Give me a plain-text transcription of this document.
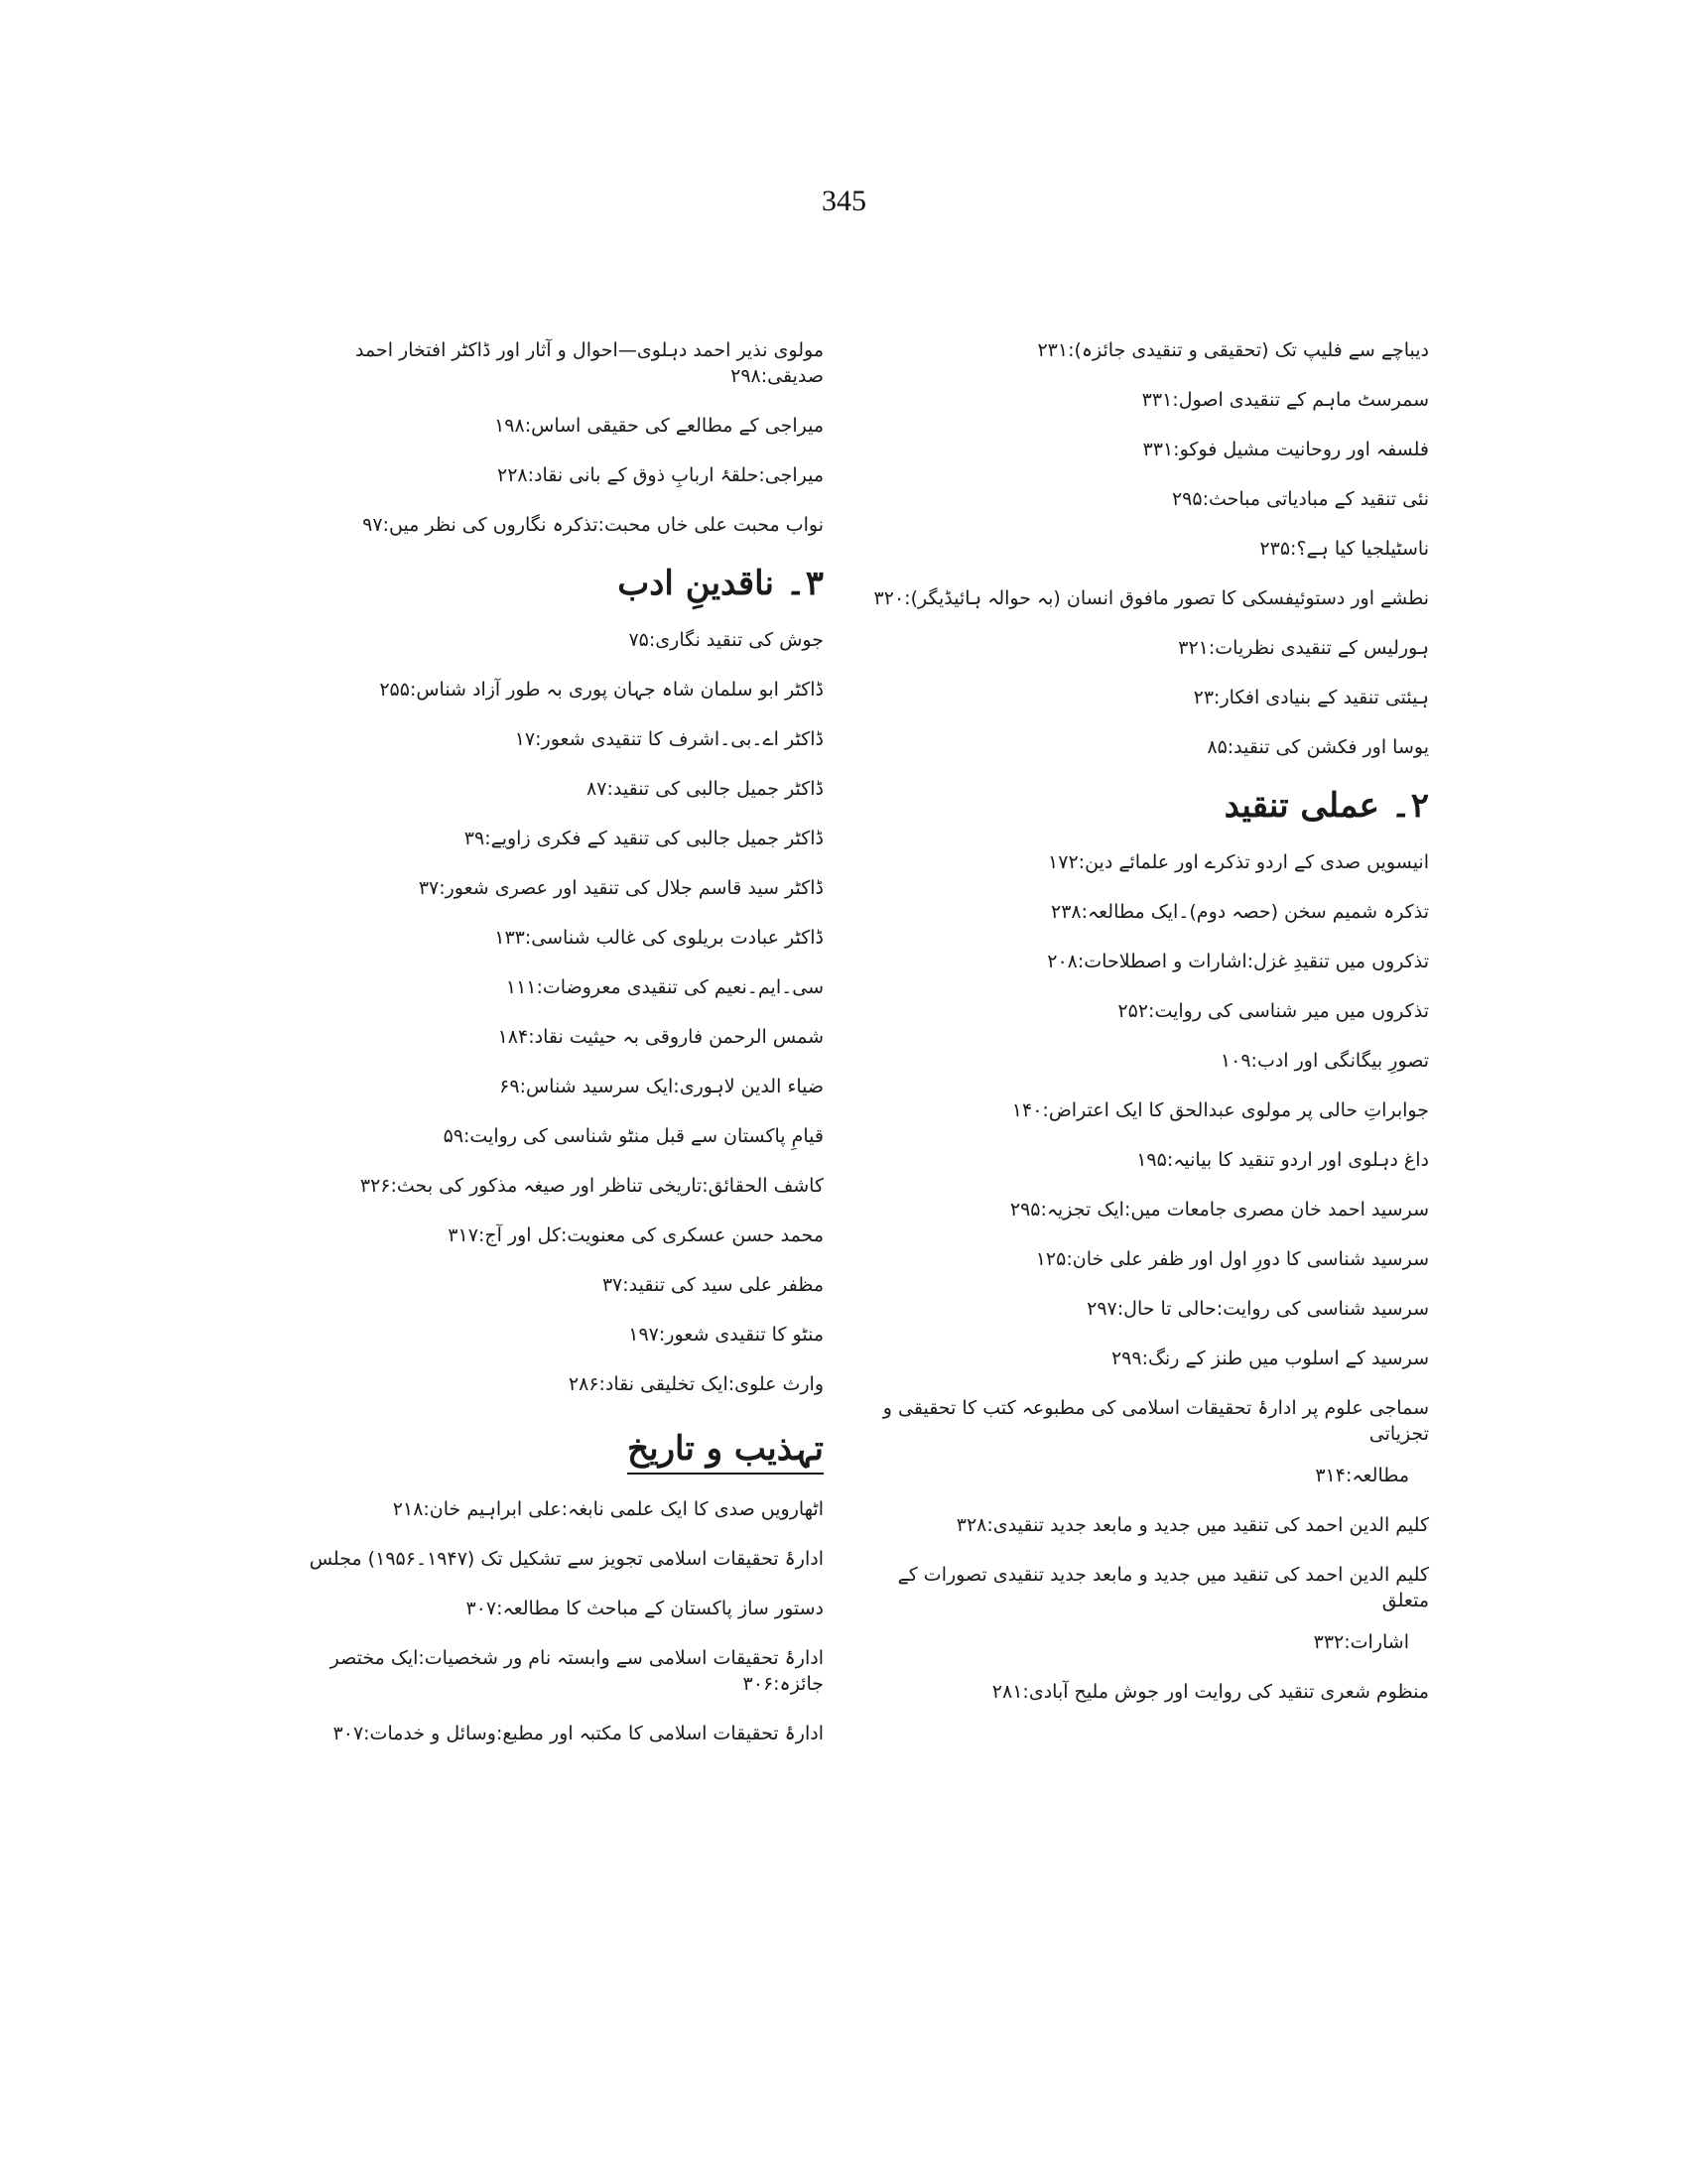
345
دیباچے سے فلیپ تک (تحقیقی و تنقیدی جائزہ):۲۳۱
سمرسٹ ماہم کے تنقیدی اصول:۳۳۱
فلسفہ اور روحانیت مشیل فوکو:۳۳۱
نئی تنقید کے مبادیاتی مباحث:۲۹۵
ناسٹیلجیا کیا ہے؟:۲۳۵
نطشے اور دستوئیفسکی کا تصور مافوق انسان (بہ حوالہ ہائیڈیگر):۳۲۰
ہورلیس کے تنقیدی نظریات:۳۲۱
ہیئتی تنقید کے بنیادی افکار:۲۳
یوسا اور فکشن کی تنقید:۸۵
۲۔ عملی تنقید
انیسویں صدی کے اردو تذکرے اور علمائے دین:۱۷۲
تذکرہ شمیم سخن (حصہ دوم)۔ایک مطالعہ:۲۳۸
تذکروں میں تنقیدِ غزل:اشارات و اصطلاحات:۲۰۸
تذکروں میں میر شناسی کی روایت:۲۵۲
تصورِ بیگانگی اور ادب:۱۰۹
جوابراتِ حالی پر مولوی عبدالحق کا ایک اعتراض:۱۴۰
داغ دہلوی اور اردو تنقید کا بیانیہ:۱۹۵
سرسید احمد خان مصری جامعات میں:ایک تجزیہ:۲۹۵
سرسید شناسی کا دورِ اول اور ظفر علی خان:۱۲۵
سرسید شناسی کی روایت:حالی تا حال:۲۹۷
سرسید کے اسلوب میں طنز کے رنگ:۲۹۹
سماجی علوم پر ادارۂ تحقیقات اسلامی کی مطبوعہ کتب کا تحقیقی و تجزیاتی
مطالعہ:۳۱۴
کلیم الدین احمد کی تنقید میں جدید و مابعد جدید تنقیدی:۳۲۸
کلیم الدین احمد کی تنقید میں جدید و مابعد جدید تنقیدی تصورات کے متعلق
اشارات:۳۳۲
منظوم شعری تنقید کی روایت اور جوش ملیح آبادی:۲۸۱
مولوی نذیر احمد دہلوی—احوال و آثار اور ڈاکٹر افتخار احمد صدیقی:۲۹۸
میراجی کے مطالعے کی حقیقی اساس:۱۹۸
میراجی:حلقۂ اربابِ ذوق کے بانی نقاد:۲۲۸
نواب محبت علی خاں محبت:تذکرہ نگاروں کی نظر میں:۹۷
۳۔ ناقدینِ ادب
جوش کی تنقید نگاری:۷۵
ڈاکٹر ابو سلمان شاہ جہان پوری بہ طور آزاد شناس:۲۵۵
ڈاکٹر اے۔بی۔اشرف کا تنقیدی شعور:۱۷
ڈاکٹر جمیل جالبی کی تنقید:۸۷
ڈاکٹر جمیل جالبی کی تنقید کے فکری زاویے:۳۹
ڈاکٹر سید قاسم جلال کی تنقید اور عصری شعور:۳۷
ڈاکٹر عبادت بریلوی کی غالب شناسی:۱۳۳
سی۔ایم۔نعیم کی تنقیدی معروضات:۱۱۱
شمس الرحمن فاروقی بہ حیثیت نقاد:۱۸۴
ضیاء الدین لاہوری:ایک سرسید شناس:۶۹
قیامِ پاکستان سے قبل منٹو شناسی کی روایت:۵۹
کاشف الحقائق:تاریخی تناظر اور صیغہ مذکور کی بحث:۳۲۶
محمد حسن عسکری کی معنویت:کل اور آج:۳۱۷
مظفر علی سید کی تنقید:۳۷
منٹو کا تنقیدی شعور:۱۹۷
وارث علوی:ایک تخلیقی نقاد:۲۸۶
تہذیب و تاریخ
اٹھارویں صدی کا ایک علمی نابغہ:علی ابراہیم خان:۲۱۸
ادارۂ تحقیقات اسلامی تجویز سے تشکیل تک (۱۹۴۷۔۱۹۵۶) مجلس
دستور ساز پاکستان کے مباحث کا مطالعہ:۳۰۷
ادارۂ تحقیقات اسلامی سے وابستہ نام ور شخصیات:ایک مختصر جائزہ:۳۰۶
ادارۂ تحقیقات اسلامی کا مکتبہ اور مطبع:وسائل و خدمات:۳۰۷
